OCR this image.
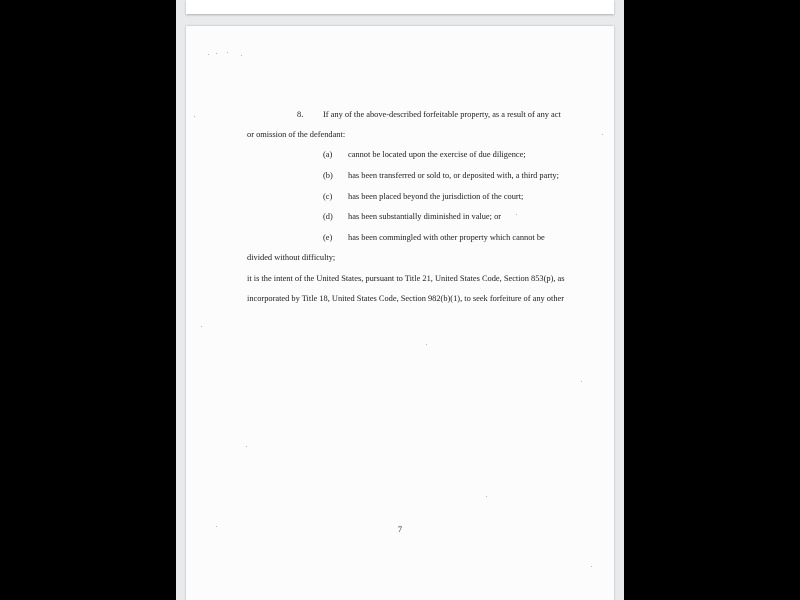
8. If any of the above-described forfeitable property, as a result of any act
or omission of the defendant:
(a) cannot be located upon the exercise of due diligence;
(b) has been transferred or sold to, or deposited with, a third party;
(c) has been placed beyond the jurisdiction of the court;
(d) has been substantially diminished in value; or
(e) has been commingled with other property which cannot be
divided without difficulty;
it is the intent of the United States, pursuant to Title 21, United States Code, Section 853(p), as
incorporated by Title 18, United States Code, Section 982(b)(1), to seek forfeiture of any other
7
